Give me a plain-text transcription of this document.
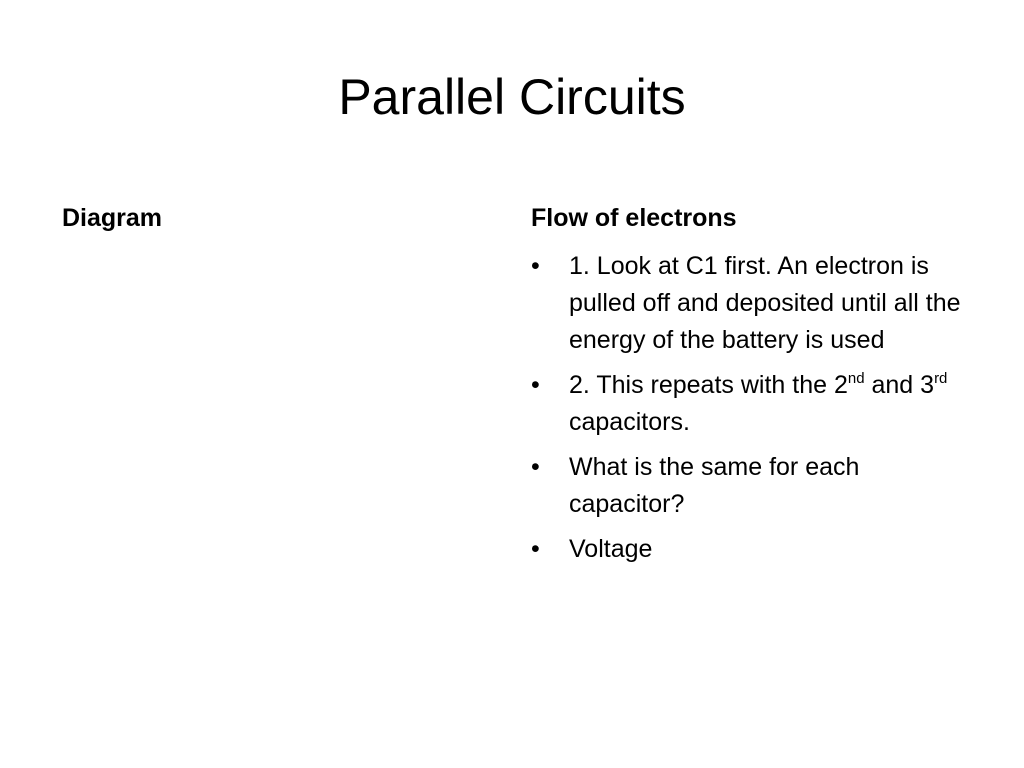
Parallel Circuits
Diagram	Flow of electrons
•	1. Look at C1 first. An electron is pulled off and deposited until all the energy of the battery is used
•	2. This repeats with the 2nd and 3rd capacitors.
•	What is the same for each capacitor?
•	Voltage
